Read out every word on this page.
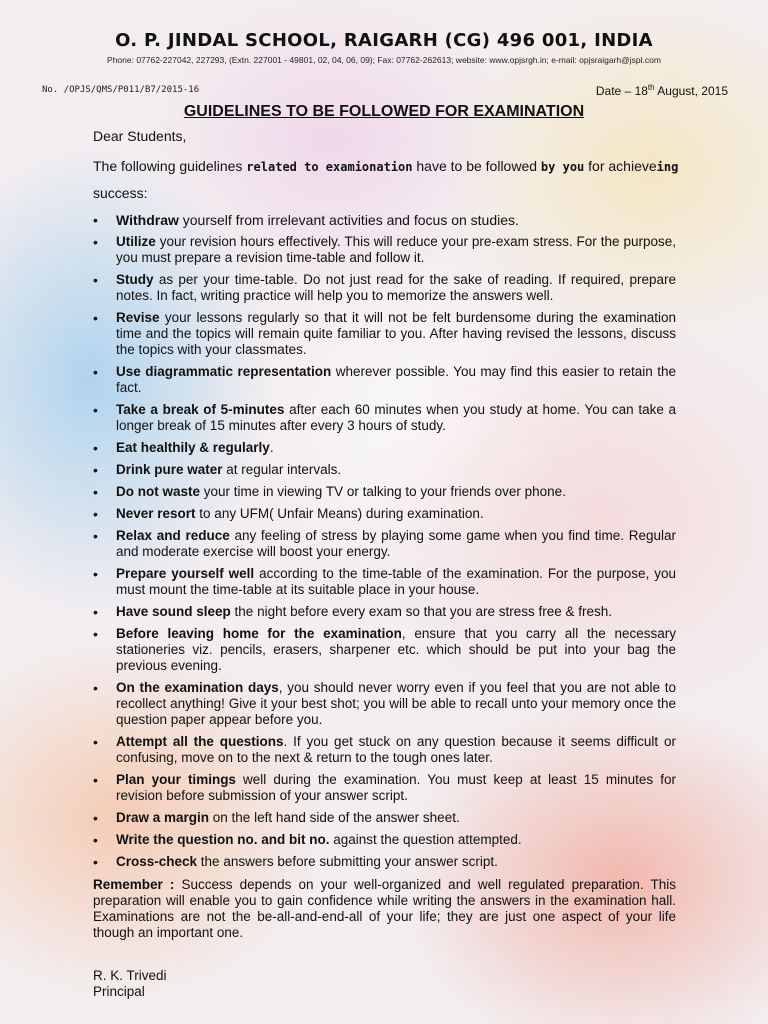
O. P. JINDAL SCHOOL, RAIGARH (CG) 496 001, INDIA
Phone: 07762-227042, 227293, (Extn. 227001 - 49801, 02, 04, 06, 09); Fax: 07762-262613; website: www.opjsrgh.in; e-mail: opjsraigarh@jspl.com
No. /OPJS/QMS/P011/B7/2015-16	Date – 18th August, 2015
GUIDELINES TO BE FOLLOWED FOR EXAMINATION
Dear Students,
The following guidelines related to examionation have to be followed by you for achieveing success:
• Withdraw yourself from irrelevant activities and focus on studies.
• Utilize your revision hours effectively. This will reduce your pre-exam stress. For the purpose, you must prepare a revision time-table and follow it.
• Study as per your time-table. Do not just read for the sake of reading. If required, prepare notes. In fact, writing practice will help you to memorize the answers well.
• Revise your lessons regularly so that it will not be felt burdensome during the examination time and the topics will remain quite familiar to you. After having revised the lessons, discuss the topics with your classmates.
• Use diagrammatic representation wherever possible. You may find this easier to retain the fact.
• Take a break of 5-minutes after each 60 minutes when you study at home. You can take a longer break of 15 minutes after every 3 hours of study.
• Eat healthily & regularly.
• Drink pure water at regular intervals.
• Do not waste your time in viewing TV or talking to your friends over phone.
• Never resort to any UFM( Unfair Means) during examination.
• Relax and reduce any feeling of stress by playing some game when you find time. Regular and moderate exercise will boost your energy.
• Prepare yourself well according to the time-table of the examination. For the purpose, you must mount the time-table at its suitable place in your house.
• Have sound sleep the night before every exam so that you are stress free & fresh.
• Before leaving home for the examination, ensure that you carry all the necessary stationeries viz. pencils, erasers, sharpener etc. which should be put into your bag the previous evening.
• On the examination days, you should never worry even if you feel that you are not able to recollect anything! Give it your best shot; you will be able to recall unto your memory once the question paper appear before you.
• Attempt all the questions. If you get stuck on any question because it seems difficult or confusing, move on to the next & return to the tough ones later.
• Plan your timings well during the examination. You must keep at least 15 minutes for revision before submission of your answer script.
• Draw a margin on the left hand side of the answer sheet.
• Write the question no. and bit no. against the question attempted.
• Cross-check the answers before submitting your answer script.
Remember : Success depends on your well-organized and well regulated preparation. This preparation will enable you to gain confidence while writing the answers in the examination hall. Examinations are not the be-all-and-end-all of your life; they are just one aspect of your life though an important one.
R. K. Trivedi
Principal
